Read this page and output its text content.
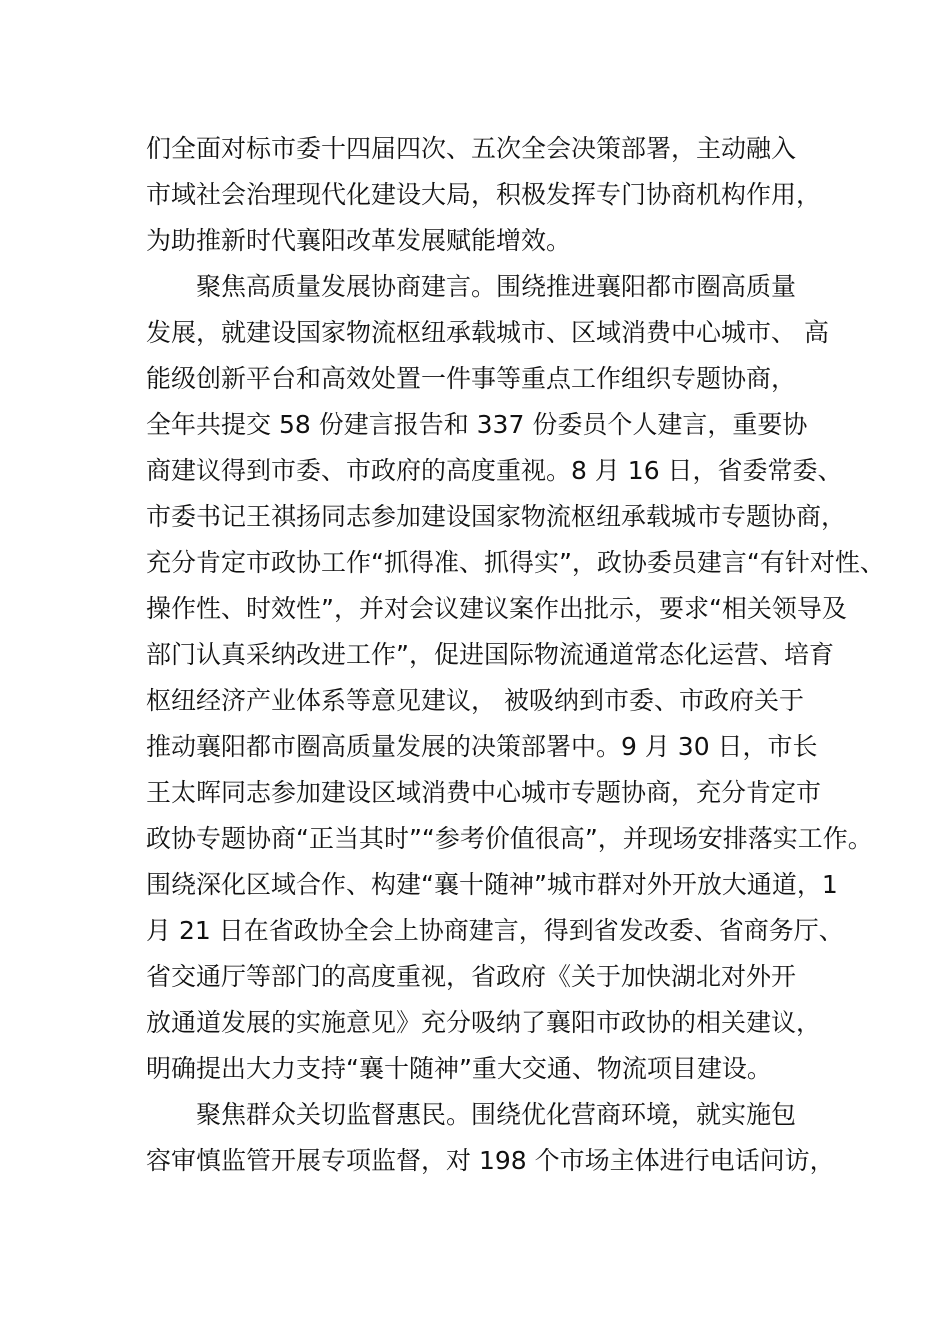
们全面对标市委十四届四次、五次全会决策部署，主动融入
市域社会治理现代化建设大局，积极发挥专门协商机构作用，
为助推新时代襄阳改革发展赋能增效。
聚焦高质量发展协商建言。围绕推进襄阳都市圈高质量
发展，就建设国家物流枢纽承载城市、区域消费中心城市、 高
能级创新平台和高效处置一件事等重点工作组织专题协商，
全年共提交 58 份建言报告和 337 份委员个人建言，重要协
商建议得到市委、市政府的高度重视。8 月 16 日，省委常委、
市委书记王祺扬同志参加建设国家物流枢纽承载城市专题协商，
充分肯定市政协工作“抓得准、抓得实”，政协委员建言“有针对性、
操作性、时效性”，并对会议建议案作出批示，要求“相关领导及
部门认真采纳改进工作”，促进国际物流通道常态化运营、培育
枢纽经济产业体系等意见建议， 被吸纳到市委、市政府关于
推动襄阳都市圈高质量发展的决策部署中。9 月 30 日，市长
王太晖同志参加建设区域消费中心城市专题协商，充分肯定市
政协专题协商“正当其时”“参考价值很高”，并现场安排落实工作。
围绕深化区域合作、构建“襄十随神”城市群对外开放大通道，1
月 21 日在省政协全会上协商建言，得到省发改委、省商务厅、
省交通厅等部门的高度重视，省政府《关于加快湖北对外开
放通道发展的实施意见》充分吸纳了襄阳市政协的相关建议，
明确提出大力支持“襄十随神”重大交通、物流项目建设。
聚焦群众关切监督惠民。围绕优化营商环境，就实施包
容审慎监管开展专项监督，对 198 个市场主体进行电话问访，
